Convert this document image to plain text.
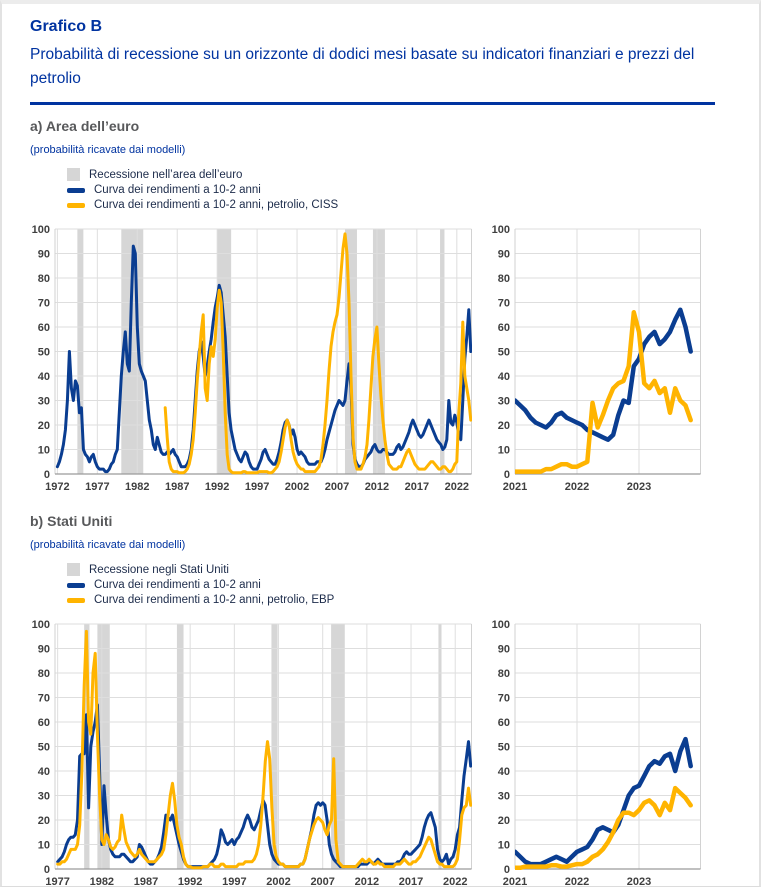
Grafico B
Probabilità di recessione su un orizzonte di dodici mesi basate su indicatori finanziari e prezzi del petrolio
a) Area dell’euro
(probabilità ricavate dai modelli)
Recessione nell’area dell’euro
Curva dei rendimenti a 10-2 anni
Curva dei rendimenti a 10-2 anni, petrolio, CISS
0
10
20
30
40
50
60
70
80
90
100
1972 1977 1982 1987 1992 1997 2002 2007 2012 2017 2022
0
10
20
30
40
50
60
70
80
90
100
2021	2022	2023
b) Stati Uniti
(probabilità ricavate dai modelli)
Recessione negli Stati Uniti
Curva dei rendimenti a 10-2 anni
Curva dei rendimenti a 10-2 anni, petrolio, EBP
0
10
20
30
40
50
60
70
80
90
100
1977 1982 1987 1992 1997 2002 2007 2012 2017 2022
0
10
20
30
40
50
60
70
80
90
100
2021	2022	2023
